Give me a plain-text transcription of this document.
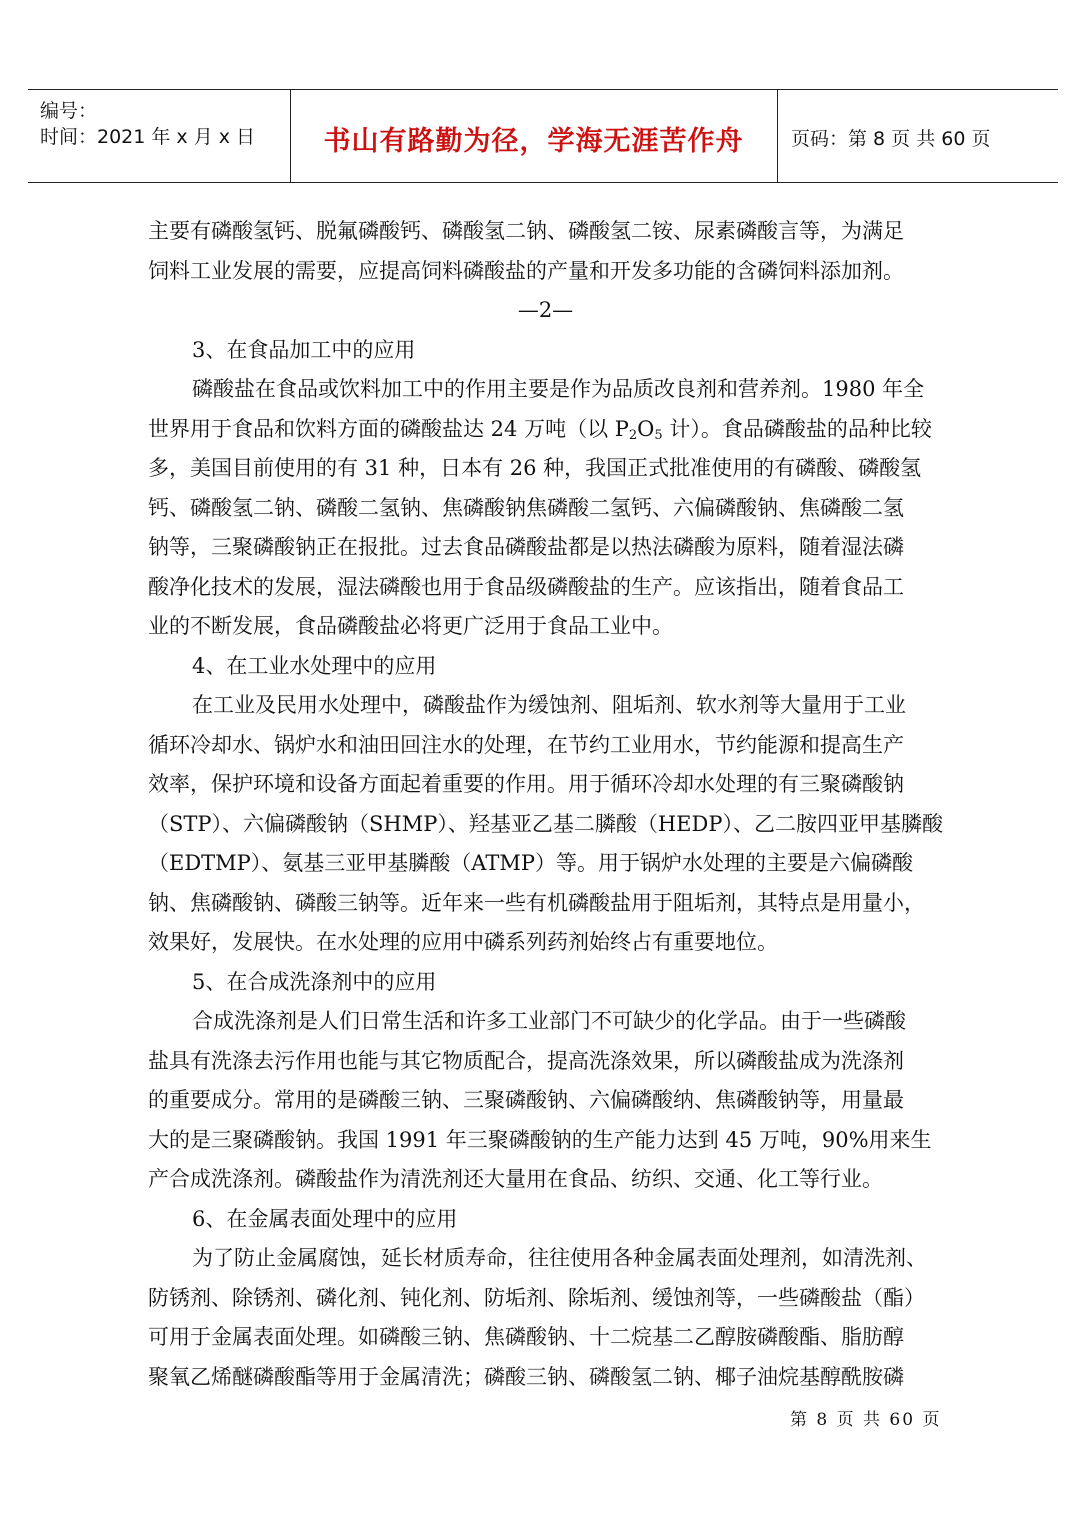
编号：
时间：2021 年 x 月 x 日	书山有路勤为径，学海无涯苦作舟	页码：第 8 页 共 60 页
主要有磷酸氢钙、脱氟磷酸钙、磷酸氢二钠、磷酸氢二铵、尿素磷酸言等，为满足
饲料工业发展的需要，应提高饲料磷酸盐的产量和开发多功能的含磷饲料添加剂。
—2—
3、在食品加工中的应用
磷酸盐在食品或饮料加工中的作用主要是作为品质改良剂和营养剂。1980 年全
世界用于食品和饮料方面的磷酸盐达 24 万吨（以 $P_2O_5$ 计）。食品磷酸盐的品种比较
多，美国目前使用的有 31 种，日本有 26 种，我国正式批准使用的有磷酸、磷酸氢
钙、磷酸氢二钠、磷酸二氢钠、焦磷酸钠焦磷酸二氢钙、六偏磷酸钠、焦磷酸二氢
钠等，三聚磷酸钠正在报批。过去食品磷酸盐都是以热法磷酸为原料，随着湿法磷
酸净化技术的发展，湿法磷酸也用于食品级磷酸盐的生产。应该指出，随着食品工
业的不断发展，食品磷酸盐必将更广泛用于食品工业中。
4、在工业水处理中的应用
在工业及民用水处理中，磷酸盐作为缓蚀剂、阻垢剂、软水剂等大量用于工业
循环冷却水、锅炉水和油田回注水的处理，在节约工业用水，节约能源和提高生产
效率，保护环境和设备方面起着重要的作用。用于循环冷却水处理的有三聚磷酸钠
（STP）、六偏磷酸钠（SHMP）、羟基亚乙基二膦酸（HEDP）、乙二胺四亚甲基膦酸
（EDTMP）、氨基三亚甲基膦酸（ATMP）等。用于锅炉水处理的主要是六偏磷酸
钠、焦磷酸钠、磷酸三钠等。近年来一些有机磷酸盐用于阻垢剂，其特点是用量小，
效果好，发展快。在水处理的应用中磷系列药剂始终占有重要地位。
5、在合成洗涤剂中的应用
合成洗涤剂是人们日常生活和许多工业部门不可缺少的化学品。由于一些磷酸
盐具有洗涤去污作用也能与其它物质配合，提高洗涤效果，所以磷酸盐成为洗涤剂
的重要成分。常用的是磷酸三钠、三聚磷酸钠、六偏磷酸纳、焦磷酸钠等，用量最
大的是三聚磷酸钠。我国 1991 年三聚磷酸钠的生产能力达到 45 万吨，90%用来生
产合成洗涤剂。磷酸盐作为清洗剂还大量用在食品、纺织、交通、化工等行业。
6、在金属表面处理中的应用
为了防止金属腐蚀，延长材质寿命，往往使用各种金属表面处理剂，如清洗剂、
防锈剂、除锈剂、磷化剂、钝化剂、防垢剂、除垢剂、缓蚀剂等，一些磷酸盐（酯）
可用于金属表面处理。如磷酸三钠、焦磷酸钠、十二烷基二乙醇胺磷酸酯、脂肪醇
聚氧乙烯醚磷酸酯等用于金属清洗；磷酸三钠、磷酸氢二钠、椰子油烷基醇酰胺磷
第 8 页 共 60 页
